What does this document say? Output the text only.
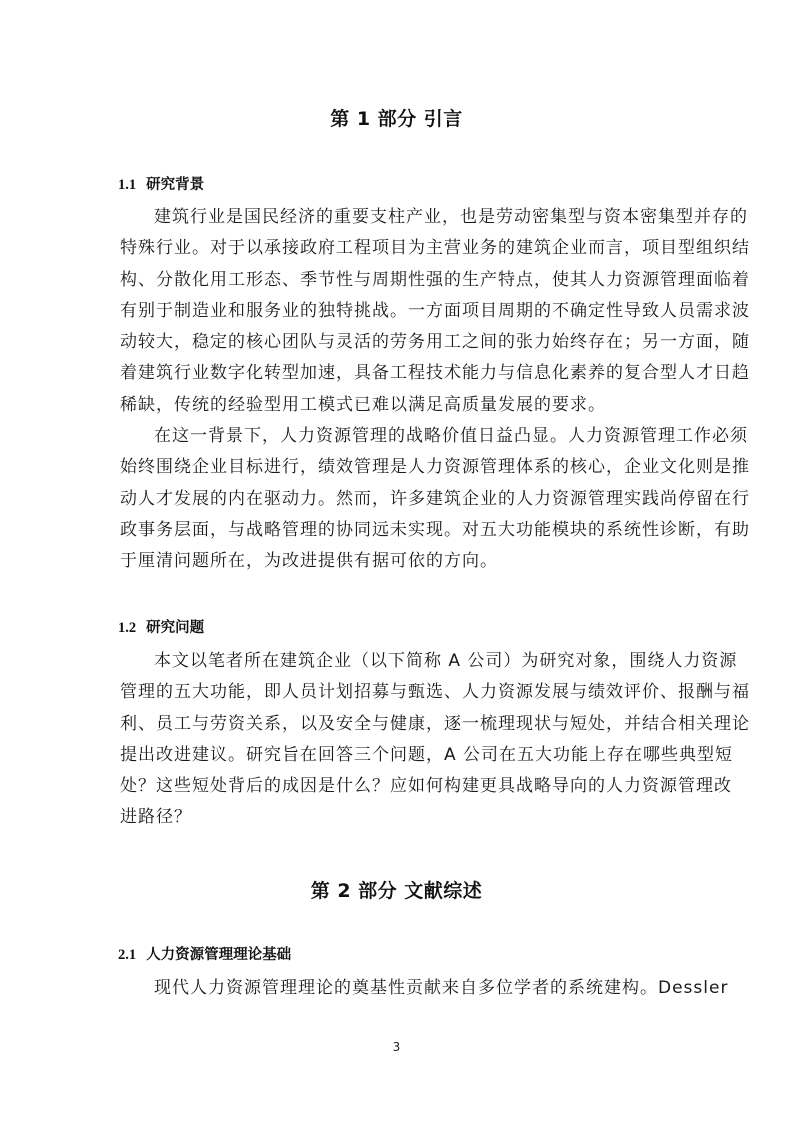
第 1 部分 引言
1.1 研究背景
建筑行业是国民经济的重要支柱产业，也是劳动密集型与资本密集型并存的
特殊行业。对于以承接政府工程项目为主营业务的建筑企业而言，项目型组织结
构、分散化用工形态、季节性与周期性强的生产特点，使其人力资源管理面临着
有别于制造业和服务业的独特挑战。一方面项目周期的不确定性导致人员需求波
动较大，稳定的核心团队与灵活的劳务用工之间的张力始终存在；另一方面，随
着建筑行业数字化转型加速，具备工程技术能力与信息化素养的复合型人才日趋
稀缺，传统的经验型用工模式已难以满足高质量发展的要求。
在这一背景下，人力资源管理的战略价值日益凸显。人力资源管理工作必须
始终围绕企业目标进行，绩效管理是人力资源管理体系的核心，企业文化则是推
动人才发展的内在驱动力。然而，许多建筑企业的人力资源管理实践尚停留在行
政事务层面，与战略管理的协同远未实现。对五大功能模块的系统性诊断，有助
于厘清问题所在，为改进提供有据可依的方向。
1.2 研究问题
本文以笔者所在建筑企业（以下简称 A 公司）为研究对象，围绕人力资源
管理的五大功能，即人员计划招募与甄选、人力资源发展与绩效评价、报酬与福
利、员工与劳资关系，以及安全与健康，逐一梳理现状与短处，并结合相关理论
提出改进建议。研究旨在回答三个问题，A 公司在五大功能上存在哪些典型短
处？这些短处背后的成因是什么？应如何构建更具战略导向的人力资源管理改
进路径？
第 2 部分 文献综述
2.1 人力资源管理理论基础
现代人力资源管理理论的奠基性贡献来自多位学者的系统建构。Dessler
3
